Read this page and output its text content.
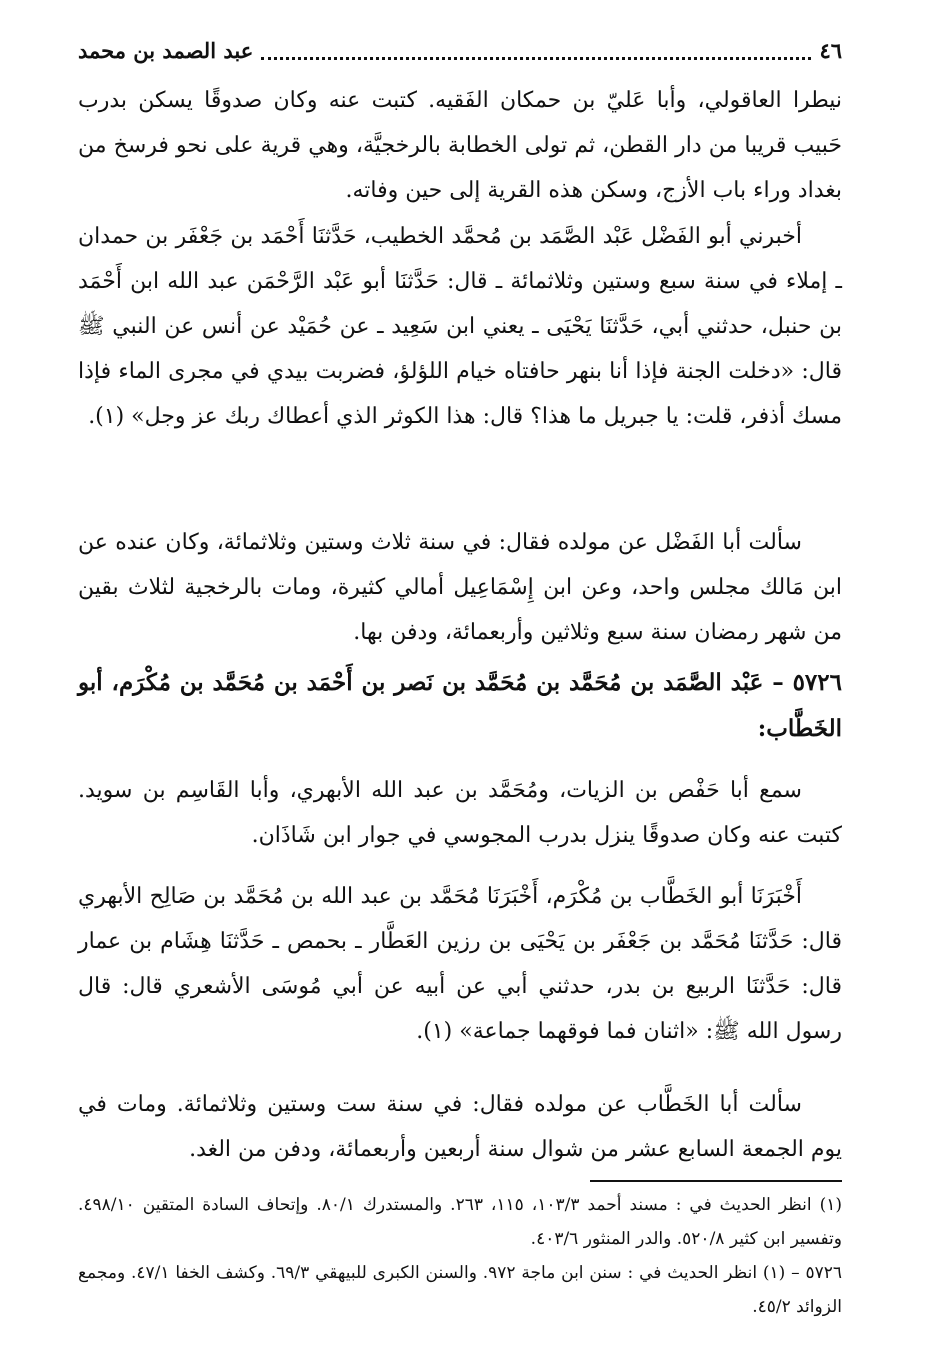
٤٦
عبد الصمد بن محمد

نيطرا العاقولي، وأبا عَليّ بن حمكان الفَقيه. كتبت عنه وكان صدوقًا يسكن بدرب حَبيب قريبا من دار القطن، ثم تولى الخطابة بالرخجيَّة، وهي قرية على نحو فرسخ من بغداد وراء باب الأزج، وسكن هذه القرية إلى حين وفاته.

أخبرني أبو الفَضْل عَبْد الصَّمَد بن مُحمَّد الخطيب، حَدَّثنَا أَحْمَد بن جَعْفَر بن حمدان ـ إملاء في سنة سبع وستين وثلاثمائة ـ قال: حَدَّثنَا أبو عَبْد الرَّحْمَن عبد الله ابن أَحْمَد بن حنبل، حدثني أبي، حَدَّثنَا يَحْيَى ـ يعني ابن سَعِيد ـ عن حُمَيْد عن أنس عن النبي ﷺ قال: «دخلت الجنة فإذا أنا بنهر حافتاه خيام اللؤلؤ، فضربت بيدي في مجرى الماء فإذا مسك أذفر، قلت: يا جبريل ما هذا؟ قال: هذا الكوثر الذي أعطاك ربك عز وجل» (١).

سألت أبا الفَضْل عن مولده فقال: في سنة ثلاث وستين وثلاثمائة، وكان عنده عن ابن مَالك مجلس واحد، وعن ابن إِسْمَاعِيل أمالي كثيرة، ومات بالرخجية لثلاث بقين من شهر رمضان سنة سبع وثلاثين وأربعمائة، ودفن بها.

٥٧٢٦ – عَبْد الصَّمَد بن مُحَمَّد بن مُحَمَّد بن نَصر بن أَحْمَد بن مُحَمَّد بن مُكْرَم، أبو الخَطَّاب:

سمع أبا حَفْص بن الزيات، ومُحَمَّد بن عبد الله الأبهري، وأبا القَاسِم بن سويد. كتبت عنه وكان صدوقًا ينزل بدرب المجوسي في جوار ابن شَاذَان.

أَخْبَرَنَا أبو الخَطَّاب بن مُكْرَم، أَخْبَرَنَا مُحَمَّد بن عبد الله بن مُحَمَّد بن صَالِح الأبهري قال: حَدَّثنَا مُحَمَّد بن جَعْفَر بن يَحْيَى بن رزين العَطَّار ـ بحمص ـ حَدَّثنَا هِشَام بن عمار قال: حَدَّثنَا الربيع بن بدر، حدثني أبي عن أبيه عن أبي مُوسَى الأشعري قال: قال رسول الله ﷺ: «اثنان فما فوقهما جماعة» (١).

سألت أبا الخَطَّاب عن مولده فقال: في سنة ست وستين وثلاثمائة. ومات في يوم الجمعة السابع عشر من شوال سنة أربعين وأربعمائة، ودفن من الغد.

(١) انظر الحديث في : مسند أحمد ١٠٣/٣، ١١٥، ٢٦٣. والمستدرك ٨٠/١. وإتحاف السادة المتقين ٤٩٨/١٠. وتفسير ابن كثير ٥٢٠/٨. والدر المنثور ٤٠٣/٦.

٥٧٢٦ – (١) انظر الحديث في : سنن ابن ماجة ٩٧٢. والسنن الكبرى للبيهقي ٦٩/٣. وكشف الخفا ٤٧/١. ومجمع الزوائد ٤٥/٢.
